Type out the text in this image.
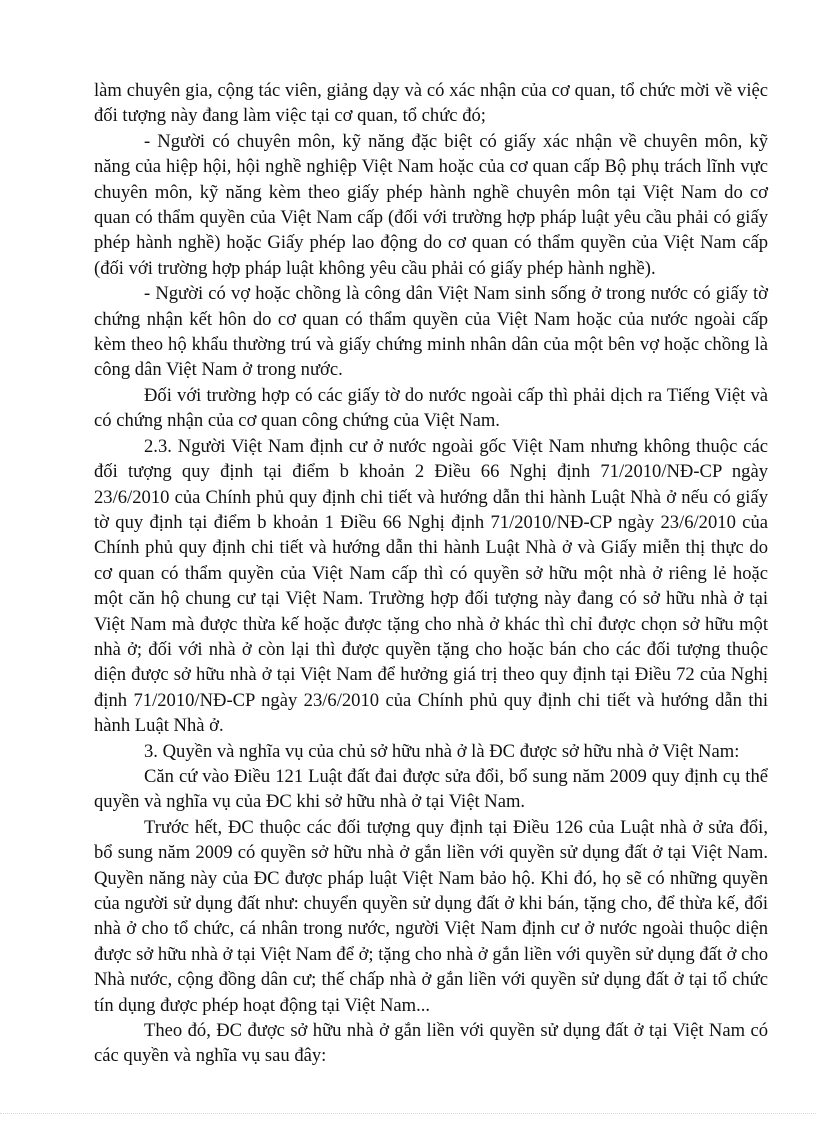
làm chuyên gia, cộng tác viên, giảng dạy và có xác nhận của cơ quan, tổ chức mời về việc đối tượng này đang làm việc tại cơ quan, tổ chức đó;

- Người có chuyên môn, kỹ năng đặc biệt có giấy xác nhận về chuyên môn, kỹ năng của hiệp hội, hội nghề nghiệp Việt Nam hoặc của cơ quan cấp Bộ phụ trách lĩnh vực chuyên môn, kỹ năng kèm theo giấy phép hành nghề chuyên môn tại Việt Nam do cơ quan có thẩm quyền của Việt Nam cấp (đối với trường hợp pháp luật yêu cầu phải có giấy phép hành nghề) hoặc Giấy phép lao động do cơ quan có thẩm quyền của Việt Nam cấp (đối với trường hợp pháp luật không yêu cầu phải có giấy phép hành nghề).

- Người có vợ hoặc chồng là công dân Việt Nam sinh sống ở trong nước có giấy tờ chứng nhận kết hôn do cơ quan có thẩm quyền của Việt Nam hoặc của nước ngoài cấp kèm theo hộ khẩu thường trú và giấy chứng minh nhân dân của một bên vợ hoặc chồng là công dân Việt Nam ở trong nước.

Đối với trường hợp có các giấy tờ do nước ngoài cấp thì phải dịch ra Tiếng Việt và có chứng nhận của cơ quan công chứng của Việt Nam.

2.3. Người Việt Nam định cư ở nước ngoài gốc Việt Nam nhưng không thuộc các đối tượng quy định tại điểm b khoản 2 Điều 66 Nghị định 71/2010/NĐ-CP ngày 23/6/2010 của Chính phủ quy định chi tiết và hướng dẫn thi hành Luật Nhà ở nếu có giấy tờ quy định tại điểm b khoản 1 Điều 66 Nghị định 71/2010/NĐ-CP ngày 23/6/2010 của Chính phủ quy định chi tiết và hướng dẫn thi hành Luật Nhà ở và Giấy miễn thị thực do cơ quan có thẩm quyền của Việt Nam cấp thì có quyền sở hữu một nhà ở riêng lẻ hoặc một căn hộ chung cư tại Việt Nam. Trường hợp đối tượng này đang có sở hữu nhà ở tại Việt Nam mà được thừa kế hoặc được tặng cho nhà ở khác thì chỉ được chọn sở hữu một nhà ở; đối với nhà ở còn lại thì được quyền tặng cho hoặc bán cho các đối tượng thuộc diện được sở hữu nhà ở tại Việt Nam để hưởng giá trị theo quy định tại Điều 72 của Nghị định 71/2010/NĐ-CP ngày 23/6/2010 của Chính phủ quy định chi tiết và hướng dẫn thi hành Luật Nhà ở.

3. Quyền và nghĩa vụ của chủ sở hữu nhà ở là ĐC được sở hữu nhà ở Việt Nam:

Căn cứ vào Điều 121 Luật đất đai được sửa đổi, bổ sung năm 2009 quy định cụ thể quyền và nghĩa vụ của ĐC khi sở hữu nhà ở tại Việt Nam.

Trước hết, ĐC thuộc các đối tượng quy định tại Điều 126 của Luật nhà ở sửa đổi, bổ sung năm 2009 có quyền sở hữu nhà ở gắn liền với quyền sử dụng đất ở tại Việt Nam. Quyền năng này của ĐC được pháp luật Việt Nam bảo hộ. Khi đó, họ sẽ có những quyền của người sử dụng đất như: chuyển quyền sử dụng đất ở khi bán, tặng cho, để thừa kế, đổi nhà ở cho tổ chức, cá nhân trong nước, người Việt Nam định cư ở nước ngoài thuộc diện được sở hữu nhà ở tại Việt Nam để ở; tặng cho nhà ở gắn liền với quyền sử dụng đất ở cho Nhà nước, cộng đồng dân cư; thế chấp nhà ở gắn liền với quyền sử dụng đất ở tại tổ chức tín dụng được phép hoạt động tại Việt Nam...

Theo đó, ĐC được sở hữu nhà ở gắn liền với quyền sử dụng đất ở tại Việt Nam có các quyền và nghĩa vụ sau đây:
